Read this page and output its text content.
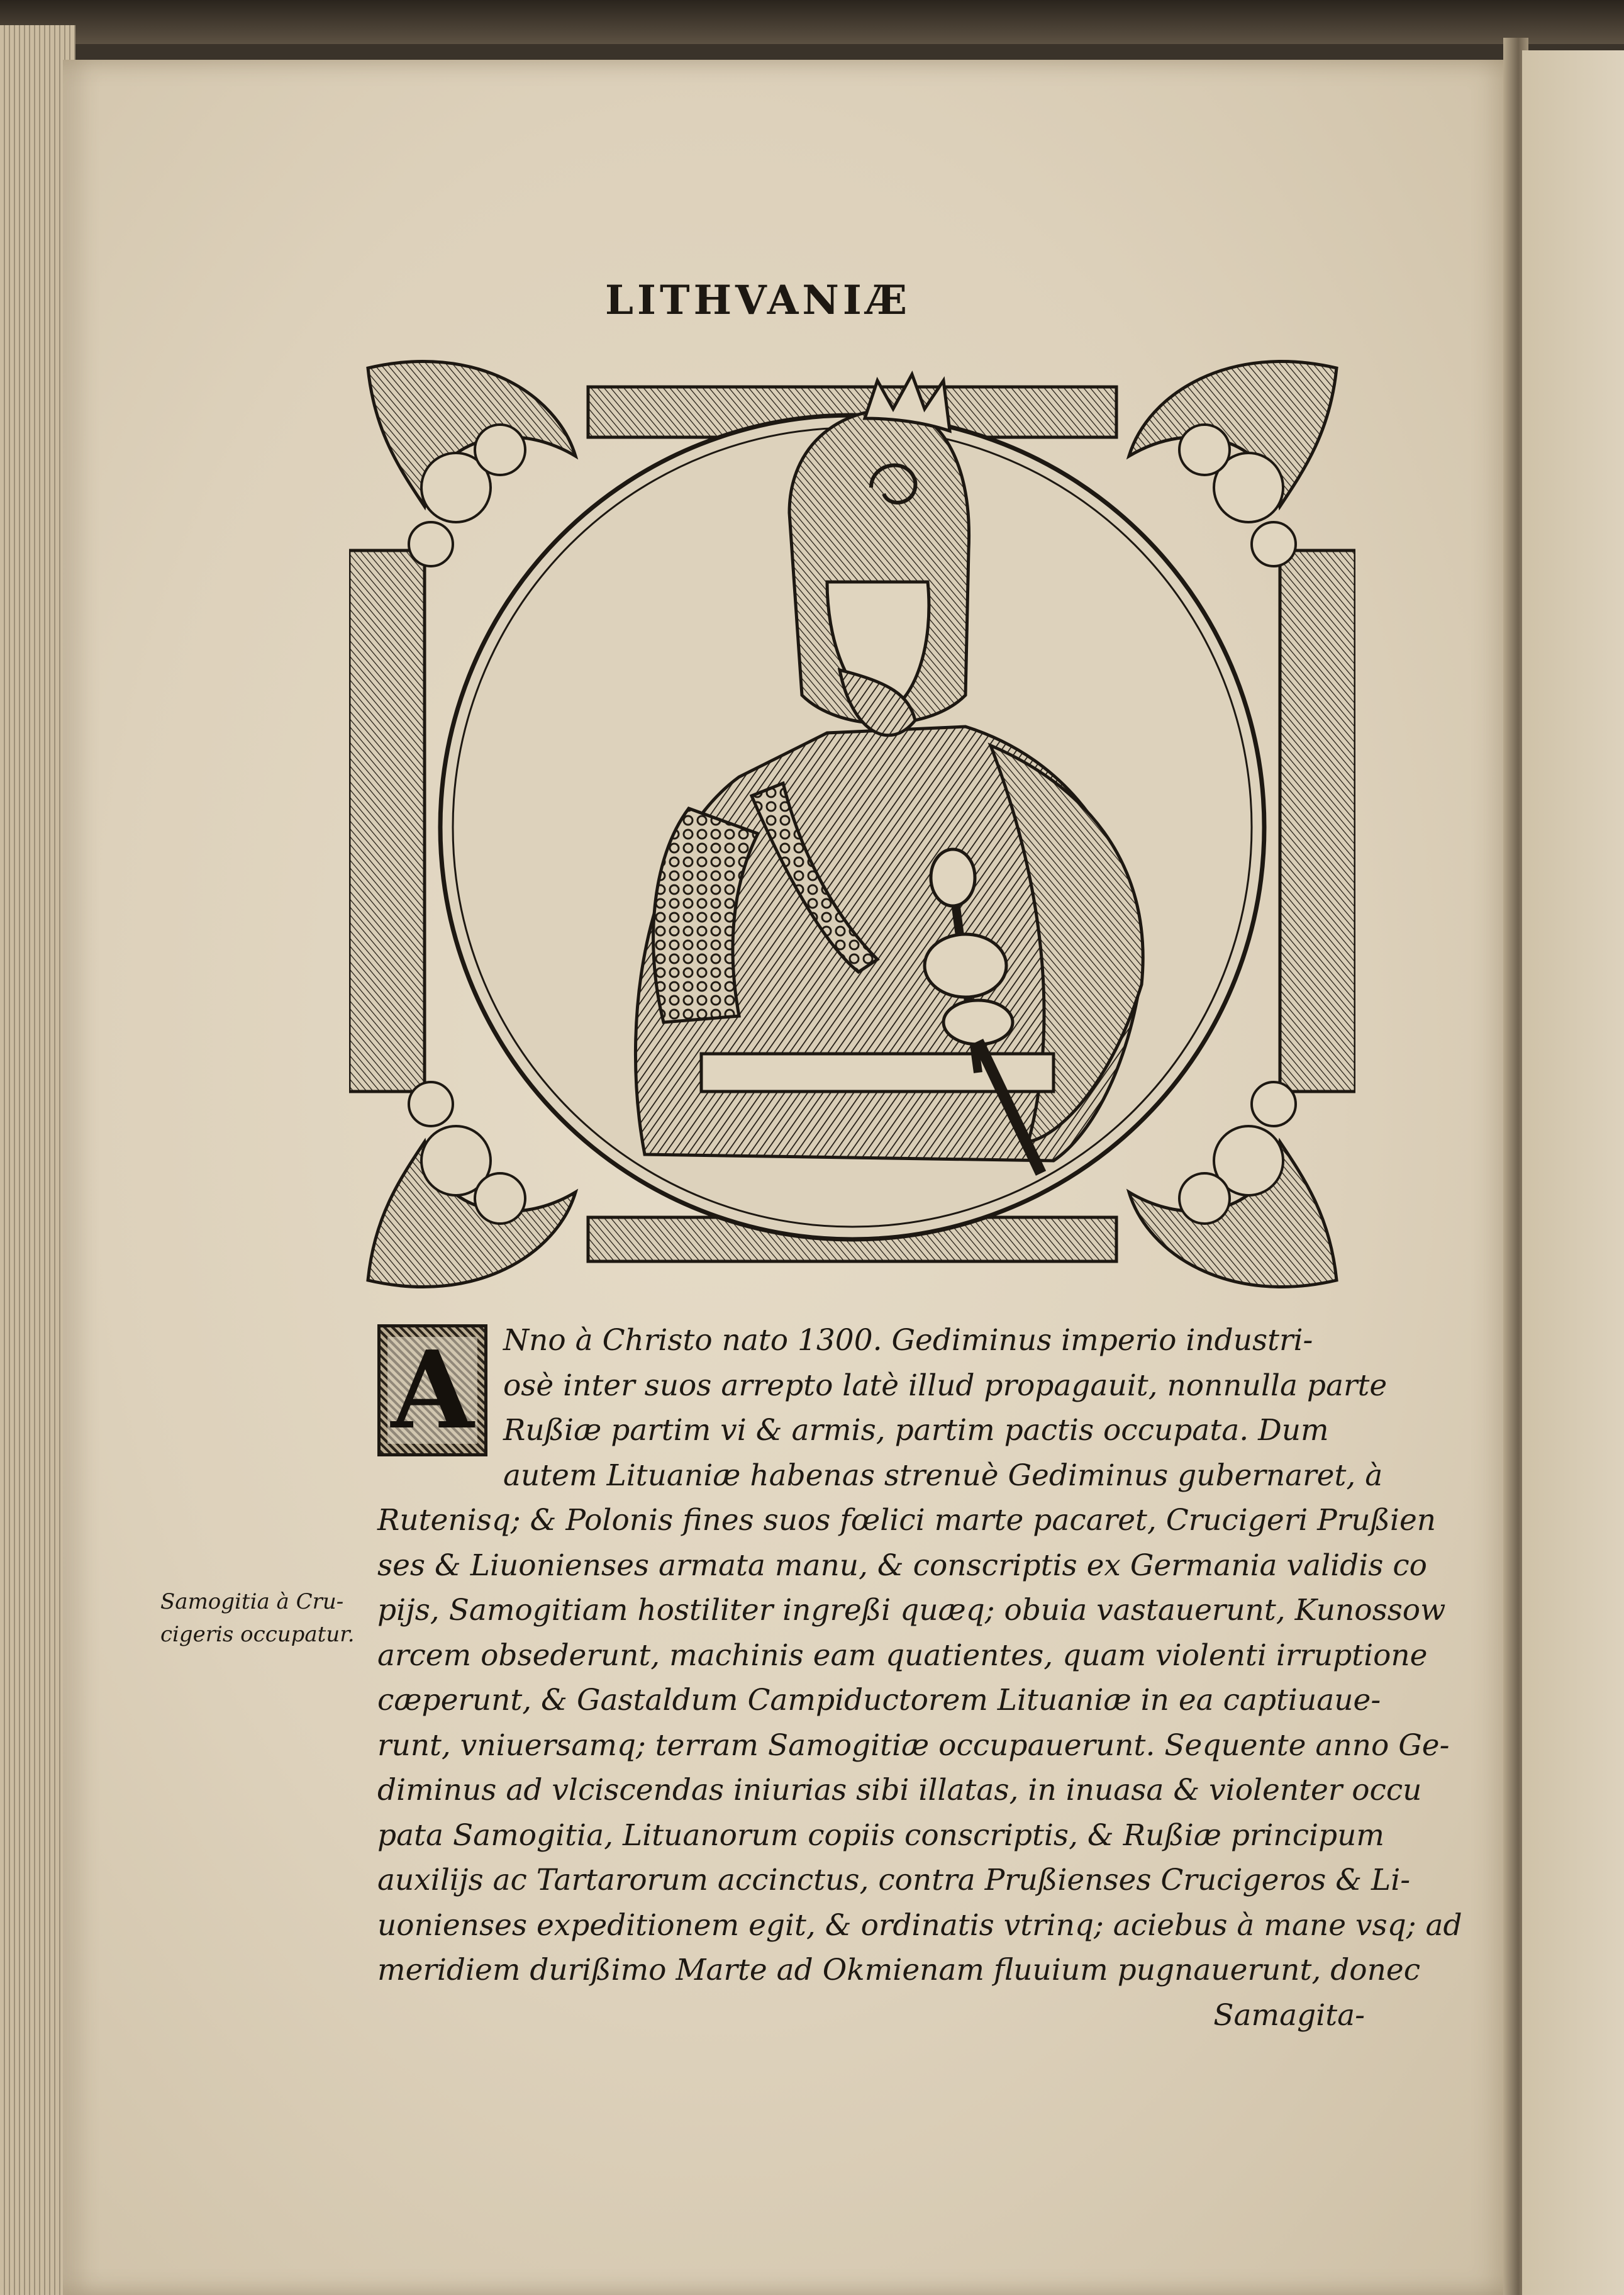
LITHVANIÆ
A Nno à Christo nato 1300. Gediminus imperio industri-
osè inter suos arrepto latè illud propagauit, nonnulla parte
Rußiæ partim vi & armis, partim pactis occupata. Dum
autem Lituaniæ habenas strenuè Gediminus gubernaret, à
Rutenisq; & Polonis fines suos fœlici marte pacaret, Crucigeri Prußien
ses & Liuonienses armata manu, & conscriptis ex Germania validis co
pijs, Samogitiam hostiliter ingreßi quæq; obuia vastauerunt, Kunossow
arcem obsederunt, machinis eam quatientes, quam violenti irruptione
cæperunt, & Gastaldum Campiductorem Lituaniæ in ea captiuaue-
runt, vniuersamq; terram Samogitiæ occupauerunt. Sequente anno Ge-
diminus ad vlciscendas iniurias sibi illatas, in inuasa & violenter occu
pata Samogitia, Lituanorum copiis conscriptis, & Rußiæ principum
auxilijs ac Tartarorum accinctus, contra Prußienses Crucigeros & Li-
uonienses expeditionem egit, & ordinatis vtrinq; aciebus à mane vsq; ad
meridiem durißimo Marte ad Okmienam fluuium pugnauerunt, donec
Samagita-
Samogitia à Cru-
cigeris occupatur.
